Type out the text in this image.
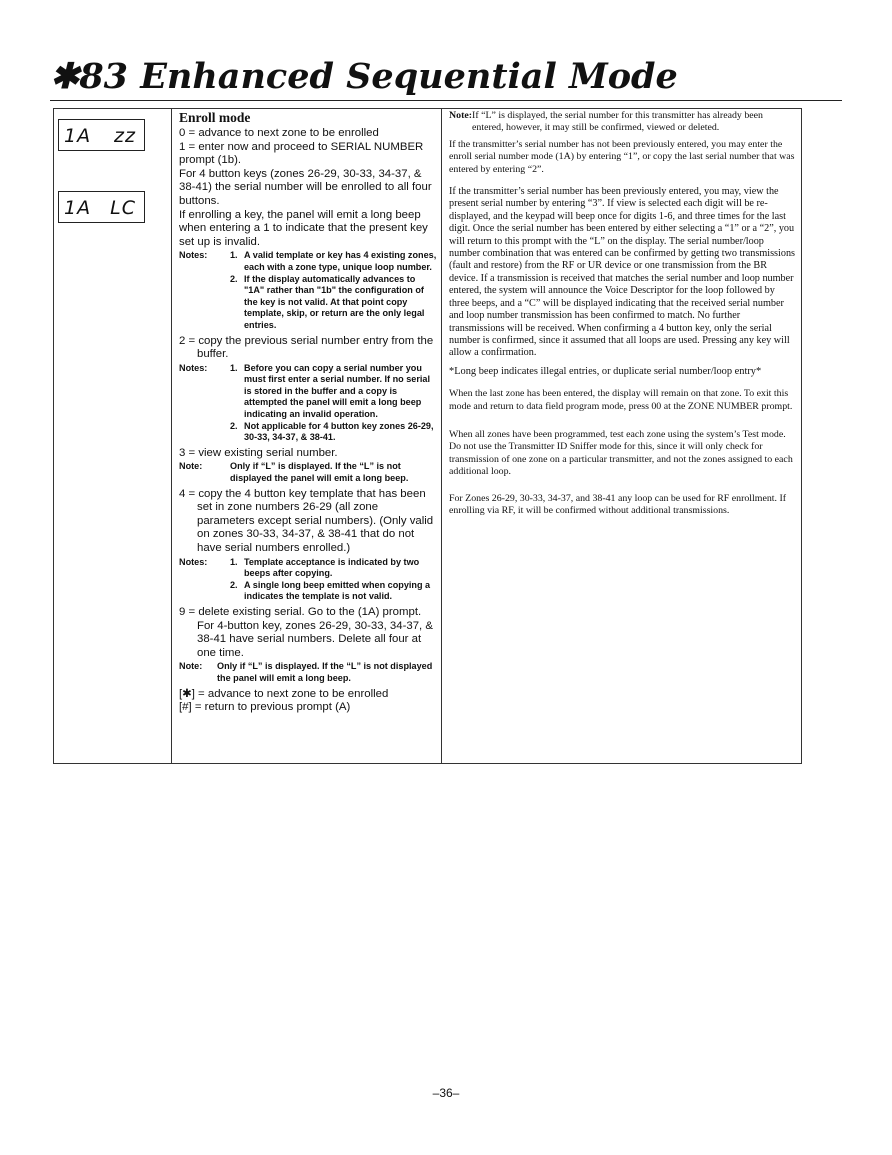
✱83 Enhanced Sequential Mode
1A zz
1A LC

Enroll mode

0 = advance to next zone to be enrolled

1 = enter now and proceed to SERIAL NUMBER prompt (1b).

For 4 button keys (zones 26-29, 30-33, 34-37, & 38-41) the serial number will be enrolled to all four buttons.

If enrolling a key, the panel will emit a long beep when entering a 1 to indicate that the present key set up is invalid.

Notes:	1. A valid template or key has 4 existing zones, each with a zone type, unique loop number.
2. If the display automatically advances to "1A" rather than "1b" the configuration of the key is not valid. At that point copy template, skip, or return are the only legal entries.

2 = copy the previous serial number entry from the buffer.

Notes:	1. Before you can copy a serial number you must first enter a serial number. If no serial is stored in the buffer and a copy is attempted the panel will emit a long beep indicating an invalid operation.
2. Not applicable for 4 button key zones 26-29, 30-33, 34-37, & 38-41.

3 = view existing serial number.

Note:	Only if “L” is displayed. If the “L” is not displayed the panel will emit a long beep.

4 = copy the 4 button key template that has been set in zone numbers 26-29 (all zone parameters except serial numbers). (Only valid on zones 30-33, 34-37, & 38-41 that do not have serial numbers enrolled.)

Notes:	1. Template acceptance is indicated by two beeps after copying.
2. A single long beep emitted when copying a indicates the template is not valid.

9 = delete existing serial. Go to the (1A) prompt. For 4-button key, zones 26-29, 30-33, 34-37, & 38-41 have serial numbers. Delete all four at one time.

Note:	Only if “L” is displayed. If the “L” is not displayed the panel will emit a long beep.

[✱] = advance to next zone to be enrolled

[#] = return to previous prompt (A)

Note: If “L” is displayed, the serial number for this transmitter has already been entered, however, it may still be confirmed, viewed or deleted.

If the transmitter’s serial number has not been previously entered, you may enter the enroll serial number mode (1A) by entering “1”, or copy the last serial number that was entered by entering “2”.

If the transmitter’s serial number has been previously entered, you may, view the present serial number by entering “3”. If view is selected each digit will be re-displayed, and the keypad will beep once for digits 1-6, and three times for the last digit. Once the serial number has been entered by either selecting a “1” or a “2”, you will return to this prompt with the “L” on the display. The serial number/loop number combination that was entered can be confirmed by getting two transmissions (fault and restore) from the RF or UR device or one transmission from the BR device. If a transmission is received that matches the serial number and loop number entered, the system will announce the Voice Descriptor for the loop followed by three beeps, and a “C” will be displayed indicating that the received serial number and loop number transmission has been confirmed to match. No further transmissions will be received. When confirming a 4 button key, only the serial number is confirmed, since it assumed that all loops are used. Pressing any key will allow a confirmation.

*Long beep indicates illegal entries, or duplicate serial number/loop entry*

When the last zone has been entered, the display will remain on that zone. To exit this mode and return to data field program mode, press 00 at the ZONE NUMBER prompt.

When all zones have been programmed, test each zone using the system’s Test mode. Do not use the Transmitter ID Sniffer mode for this, since it will only check for transmission of one zone on a particular transmitter, and not the zones assigned to each additional loop.

For Zones 26-29, 30-33, 34-37, and 38-41 any loop can be used for RF enrollment. If enrolling via RF, it will be confirmed without additional transmissions.

–36–
